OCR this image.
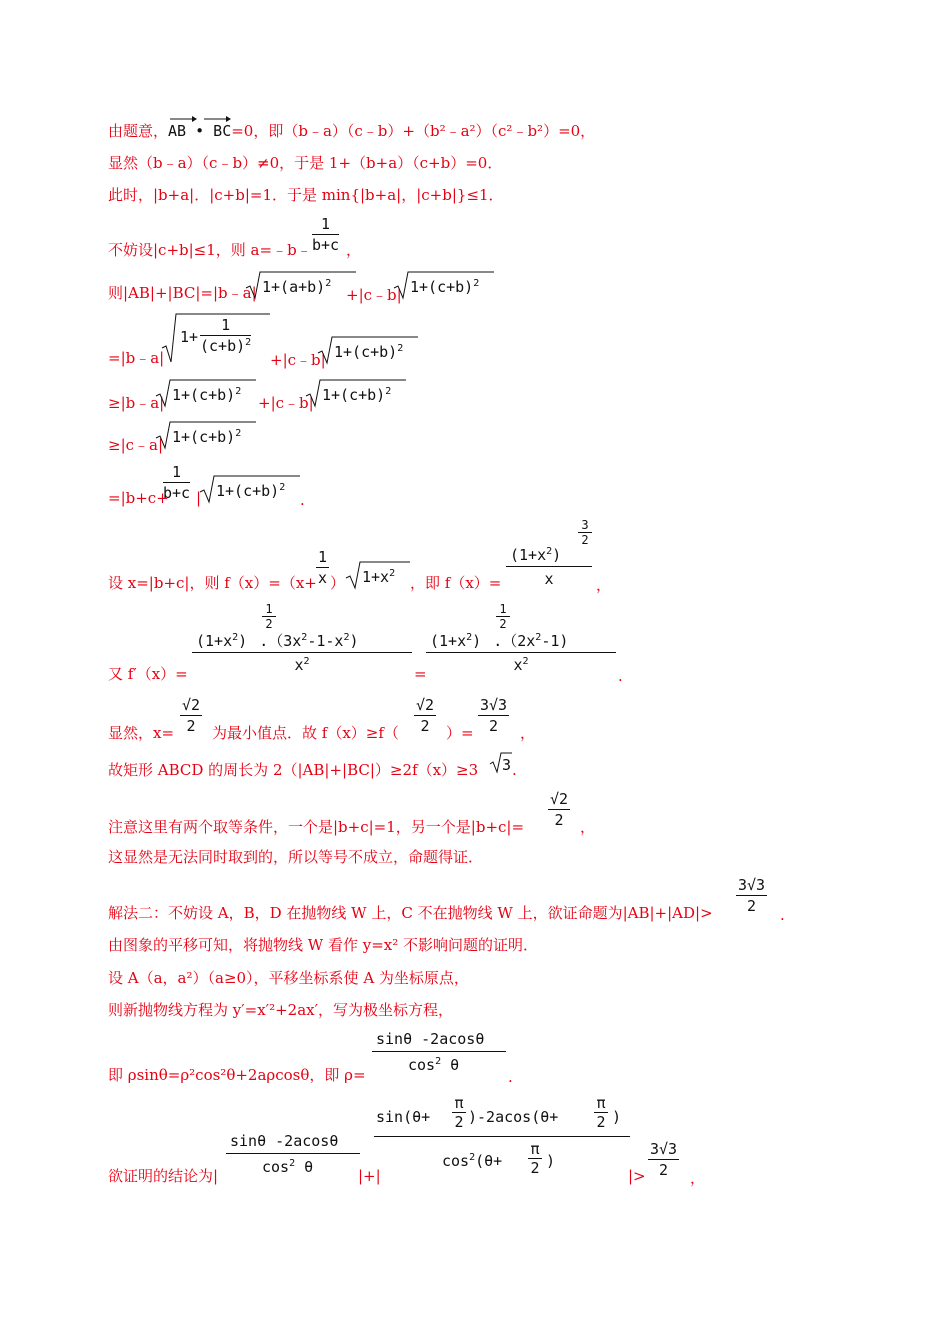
由题意，AB • BC
=0，即（b﹣a）（c﹣b）+（b²﹣a²）（c²﹣b²）=0，
显然（b﹣a）（c﹣b）≠0，于是 1+（b+a）（c+b）=0．
此时，|b+a|．|c+b|=1．于是 min{|b+a|，|c+b|}≤1．
不妨设|c+b|≤1，则 a=﹣b﹣ $\frac{1}{b+c}$ ，
则|AB|+|BC|=|b﹣a| $1+(a+b)^2$
+|c﹣b| $1+(c+b)^2$
=|b﹣a|
$1+ \frac{1}{(c+b)^2}$
+|c﹣b| $1+(c+b)^2$
≥|b﹣a| $1+(c+b)^2$
+|c﹣b| $1+(c+b)^2$
≥|c﹣a| $1+(c+b)^2$
=|b+c+
$\frac{1}{b+c}$ | $1+(c+b)^2$
.
设 x=|b+c|，则 $f(x)=(x+ \frac{1}{x}$ ） $1+x^2$
，即 f（x）=
$(1+x^2)$
$\frac{3}{2}$
x	，
又 f′（x）=
$(1+x^2)$ $.(3x^2-1-x^2)$
$\frac{1}{2}$
$x^2$
=
$(1+x^2)$ $.(2x^2-1)$
$\frac{1}{2}$
$x^2$
.
显然，$x= \frac{√2}{2}$ 为最小值点．故 $f(x)\ge f( \frac{√2}{2}$ ）= $\frac{3√3}{2}$ ，
故矩形 ABCD 的周长为 2（|AB|+|BC|）≥2f（x）≥3 3 .
注意这里有两个取等条件，一个是|b+c|=1，另一个是$|b+c|= \frac{√2}{2}$ ，
这显然是无法同时取到的，所以等号不成立，命题得证．
解法二：不妨设 A，B，D 在抛物线 W 上，C 不在抛物线 W 上，欲证命题为$|AB|+|AD|> \frac{3√3}{2}$ .
由图象的平移可知，将抛物线 W 看作 y=x² 不影响问题的证明．
设 A（a，a²）（a≥0），平移坐标系使 A 为坐标原点，
则新抛物线方程为 y′=x′²+2ax′，写为极坐标方程，
即 ρsinθ=ρ²cos²θ+2aρcosθ，即 ρ=
sinθ -2acosθ
$\cos^2 \theta$
.
欲证明的结论为|
sinθ -2acosθ
$\cos^2 \theta$	|+|
$\sin(\theta+ \frac{\pi}{2} )-2acos(\theta+ \frac{\pi}{2}$ )
$\cos^2(\theta+ \frac{\pi}{2}$ )
|> $\frac{3√3}{2}$ ，
